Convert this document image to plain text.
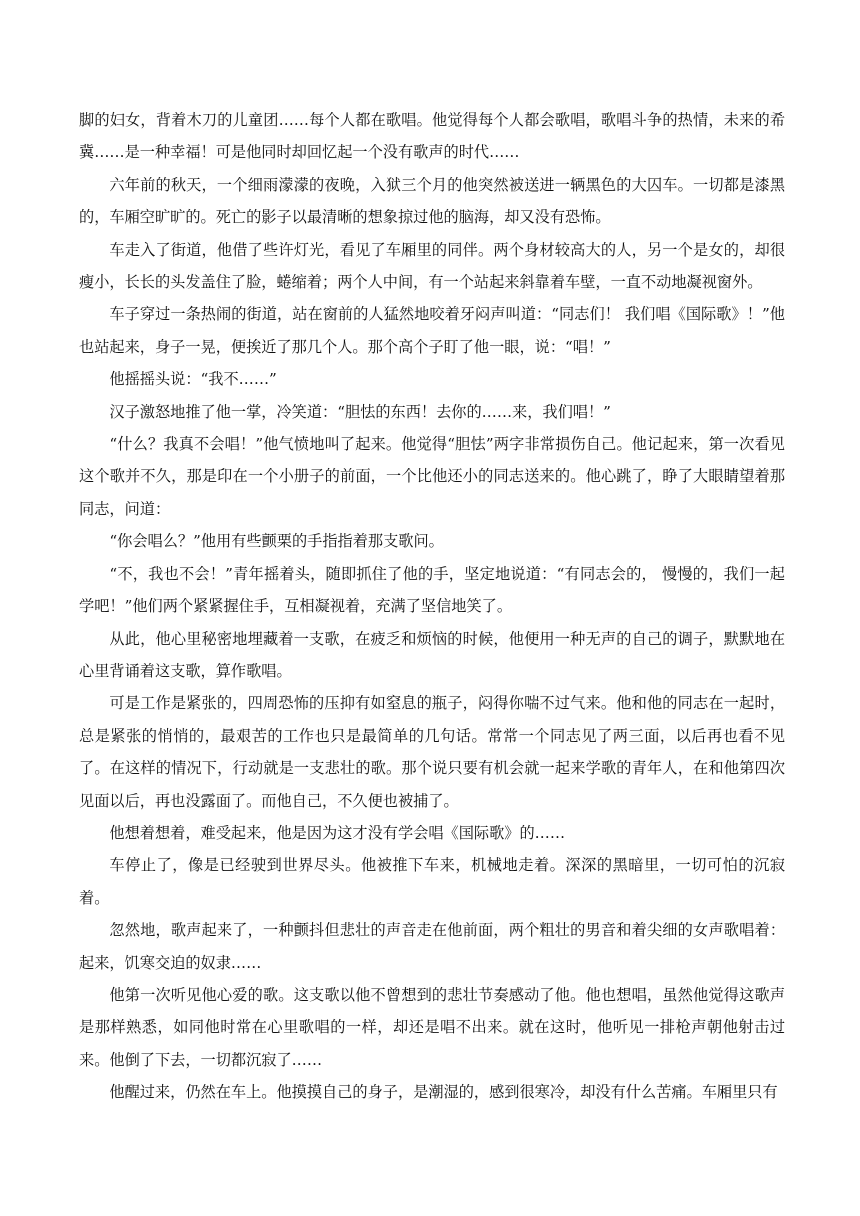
脚的妇女，背着木刀的儿童团……每个人都在歌唱。他觉得每个人都会歌唱，歌唱斗争的热情，未来的希冀……是一种幸福！可是他同时却回忆起一个没有歌声的时代……

六年前的秋天，一个细雨濛濛的夜晚，入狱三个月的他突然被送进一辆黑色的大囚车。一切都是漆黑的，车厢空旷旷的。死亡的影子以最清晰的想象掠过他的脑海，却又没有恐怖。

车走入了街道，他借了些许灯光，看见了车厢里的同伴。两个身材较高大的人，另一个是女的，却很瘦小，长长的头发盖住了脸，蜷缩着；两个人中间，有一个站起来斜靠着车壁，一直不动地凝视窗外。

车子穿过一条热闹的街道，站在窗前的人猛然地咬着牙闷声叫道：“同志们！ 我们唱《国际歌》！”他也站起来，身子一晃，便挨近了那几个人。那个高个子盯了他一眼，说：“唱！”

他摇摇头说：“我不……”

汉子激怒地推了他一掌，冷笑道：“胆怯的东西！去你的……来，我们唱！”

“什么？我真不会唱！”他气愤地叫了起来。他觉得“胆怯”两字非常损伤自己。他记起来，第一次看见这个歌并不久，那是印在一个小册子的前面，一个比他还小的同志送来的。他心跳了，睁了大眼睛望着那同志，问道：

“你会唱么？”他用有些颤栗的手指指着那支歌问。

“不，我也不会！”青年摇着头，随即抓住了他的手，坚定地说道：“有同志会的， 慢慢的，我们一起学吧！”他们两个紧紧握住手，互相凝视着，充满了坚信地笑了。

从此，他心里秘密地埋藏着一支歌，在疲乏和烦恼的时候，他便用一种无声的自己的调子，默默地在心里背诵着这支歌，算作歌唱。

可是工作是紧张的，四周恐怖的压抑有如窒息的瓶子，闷得你喘不过气来。他和他的同志在一起时，总是紧张的悄悄的，最艰苦的工作也只是最简单的几句话。常常一个同志见了两三面，以后再也看不见了。在这样的情况下，行动就是一支悲壮的歌。那个说只要有机会就一起来学歌的青年人，在和他第四次见面以后，再也没露面了。而他自己，不久便也被捕了。

他想着想着，难受起来，他是因为这才没有学会唱《国际歌》的……

车停止了，像是已经驶到世界尽头。他被推下车来，机械地走着。深深的黑暗里，一切可怕的沉寂着。

忽然地，歌声起来了，一种颤抖但悲壮的声音走在他前面，两个粗壮的男音和着尖细的女声歌唱着：起来，饥寒交迫的奴隶……

他第一次听见他心爱的歌。这支歌以他不曾想到的悲壮节奏感动了他。他也想唱，虽然他觉得这歌声是那样熟悉，如同他时常在心里歌唱的一样，却还是唱不出来。就在这时，他听见一排枪声朝他射击过来。他倒了下去，一切都沉寂了……

他醒过来，仍然在车上。他摸摸自己的身子，是潮湿的，感到很寒冷，却没有什么苦痛。车厢里只有
